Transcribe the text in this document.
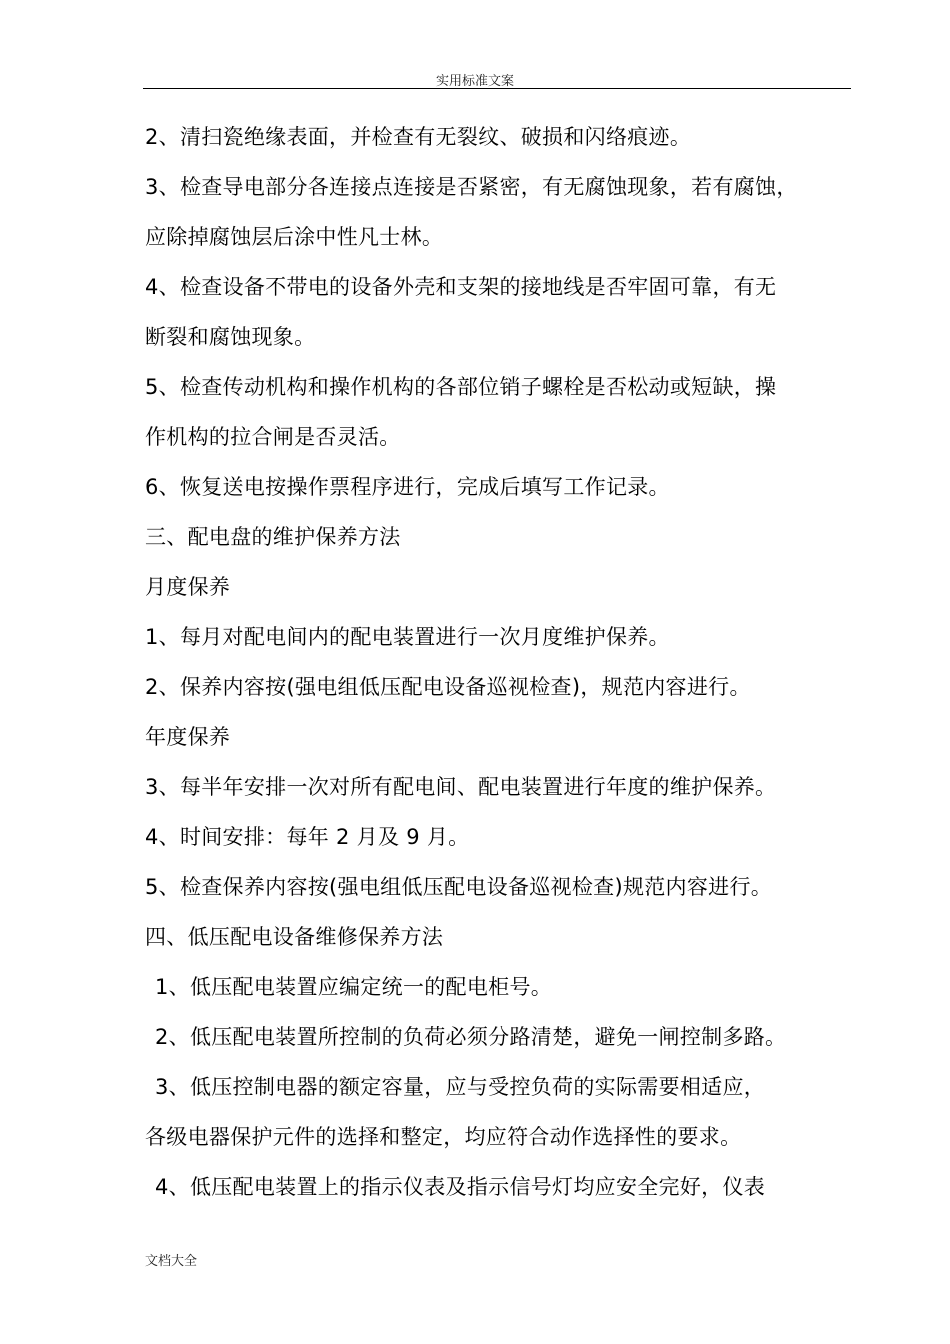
实用标准文案
2、清扫瓷绝缘表面，并检查有无裂纹、破损和闪络痕迹。
3、检查导电部分各连接点连接是否紧密，有无腐蚀现象，若有腐蚀，
应除掉腐蚀层后涂中性凡士林。
4、检查设备不带电的设备外壳和支架的接地线是否牢固可靠，有无
断裂和腐蚀现象。
5、检查传动机构和操作机构的各部位销子螺栓是否松动或短缺，操
作机构的拉合闸是否灵活。
6、恢复送电按操作票程序进行，完成后填写工作记录。
三、配电盘的维护保养方法
月度保养
1、每月对配电间内的配电装置进行一次月度维护保养。
2、保养内容按(强电组低压配电设备巡视检查)，规范内容进行。
年度保养
3、每半年安排一次对所有配电间、配电装置进行年度的维护保养。
4、时间安排：每年 2 月及 9 月。
5、检查保养内容按(强电组低压配电设备巡视检查)规范内容进行。
四、低压配电设备维修保养方法
1、低压配电装置应编定统一的配电柜号。
2、低压配电装置所控制的负荷必须分路清楚，避免一闸控制多路。
3、低压控制电器的额定容量，应与受控负荷的实际需要相适应，
各级电器保护元件的选择和整定，均应符合动作选择性的要求。
4、低压配电装置上的指示仪表及指示信号灯均应安全完好，仪表
文档大全
